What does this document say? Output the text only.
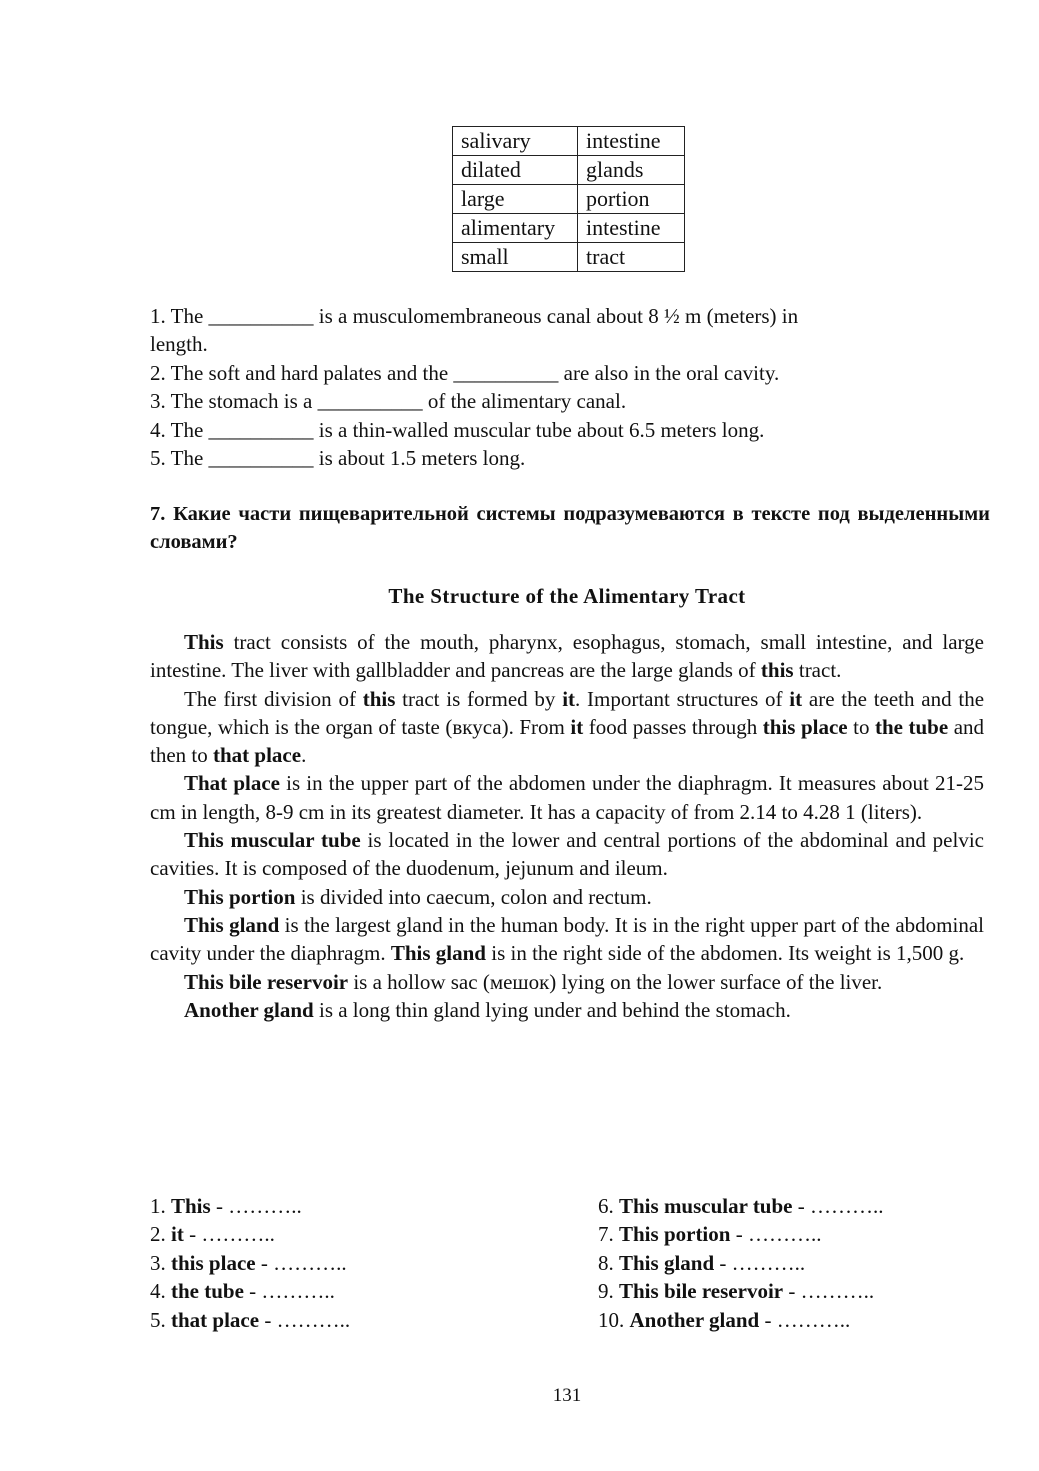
salivary	intestine
dilated	glands
large	portion
alimentary	intestine
small	tract
1. The __________ is a musculomembraneous canal about 8 ½ m (meters) in
length.
2. The soft and hard palates and the __________ are also in the oral cavity.
3. The stomach is a __________ of the alimentary canal.
4. The __________ is a thin-walled muscular tube about 6.5 meters long.
5. The __________ is about 1.5 meters long.
7. Какие части пищеварительной системы подразумеваются в тексте под выделенными словами?
The Structure of the Alimentary Tract

This tract consists of the mouth, pharynx, esophagus, stomach, small intestine, and large intestine. The liver with gallbladder and pancreas are the large glands of this tract.

The first division of this tract is formed by it. Important structures of it are the teeth and the tongue, which is the organ of taste (вкуса). From it food passes through this place to the tube and then to that place.

That place is in the upper part of the abdomen under the diaphragm. It measures about 21-25 cm in length, 8-9 cm in its greatest diameter. It has a capacity of from 2.14 to 4.28 1 (liters).

This muscular tube is located in the lower and central portions of the abdominal and pelvic cavities. It is composed of the duodenum, jejunum and ileum.

This portion is divided into caecum, colon and rectum.

This gland is the largest gland in the human body. It is in the right upper part of the abdominal cavity under the diaphragm. This gland is in the right side of the abdomen. Its weight is 1,500 g.

This bile reservoir is a hollow sac (мешок) lying on the lower surface of the liver.

Another gland is a long thin gland lying under and behind the stomach.

1. This - ………..
2. it - ………..
3. this place - ………..
4. the tube - ………..
5. that place - ………..
6. This muscular tube - ………..
7. This portion - ………..
8. This gland - ………..
9. This bile reservoir - ………..
10. Another gland - ………..
131
